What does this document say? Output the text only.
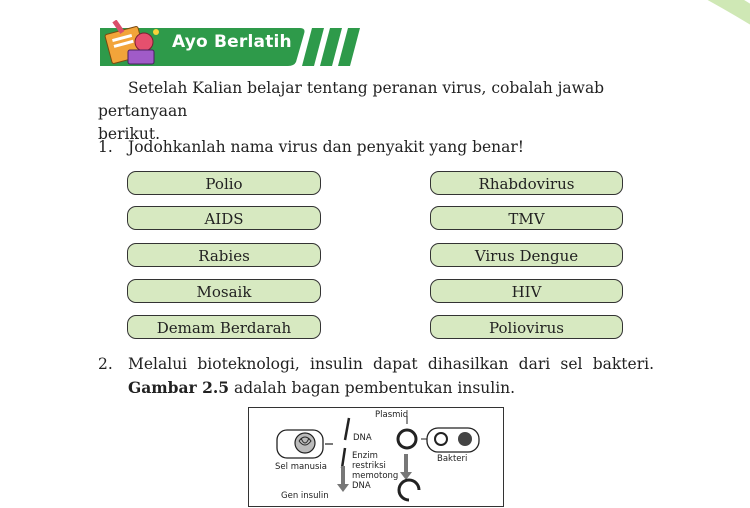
Ayo Berlatih
Setelah Kalian belajar tentang peranan virus, cobalah jawab pertanyaan
berikut.
1. Jodohkanlah nama virus dan penyakit yang benar!
Polio
AIDS
Rabies
Mosaik
Demam Berdarah
Rhabdovirus
TMV
Virus Dengue
HIV
Poliovirus
2. Melalui bioteknologi, insulin dapat dihasilkan dari sel bakteri.
Gambar 2.5 adalah bagan pembentukan insulin.
Plasmid
DNA
Bakteri
Sel manusia
Enzim
restriksi
memotong
DNA
Gen insulin
